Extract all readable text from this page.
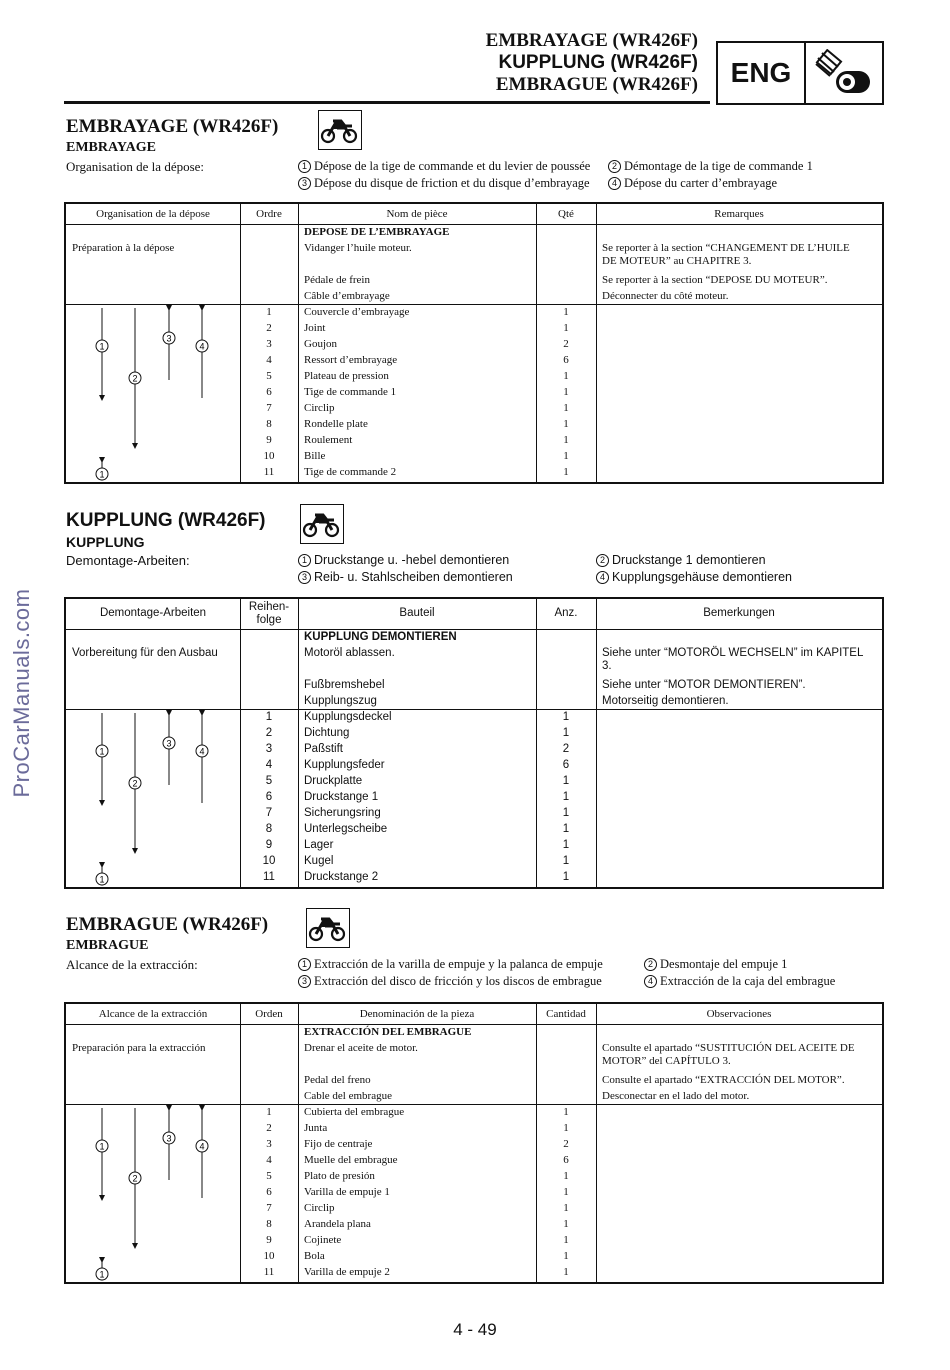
EMBRAYAGE (WR426F)
KUPPLUNG (WR426F)
EMBRAGUE (WR426F)	ENG
ProCarManuals.com
EMBRAYAGE (WR426F)
EMBRAYAGE
Organisation de la dépose:	1 Dépose de la tige de commande et du levier de poussée	2 Démontage de la tige de commande 1
3 Dépose du disque de friction et du disque d’embrayage	4 Dépose du carter d’embrayage
Organisation de la dépose	Ordre	Nom de pièce	Qté	Remarques
DEPOSE DE L’EMBRAYAGE
Préparation à la dépose	Vidanger l’huile moteur.	Se reporter à la section “CHANGEMENT DE L’HUILE
DE MOTEUR” au CHAPITRE 3.
Pédale de frein	Se reporter à la section “DEPOSE DU MOTEUR”.
Câble d’embrayage	Déconnecter du côté moteur.
1	Couvercle d’embrayage	1
2	Joint	1
3	Goujon	2
4	Ressort d’embrayage	6
5	Plateau de pression	1
6	Tige de commande 1	1
7	Circlip	1
8	Rondelle plate	1
9	Roulement	1
10	Bille	1
11	Tige de commande 2	1
1
2
3
4
1
KUPPLUNG (WR426F)
KUPPLUNG
Demontage-Arbeiten:	1 Druckstange u. -hebel demontieren	2 Druckstange 1 demontieren
3 Reib- u. Stahlscheiben demontieren	4 Kupplungsgehäuse demontieren
Demontage-Arbeiten	Reihen-
folge
Bauteil	Anz.	Bemerkungen
KUPPLUNG DEMONTIEREN
Vorbereitung für den Ausbau	Motoröl ablassen.	Siehe unter “MOTORÖL WECHSELN” im KAPITEL
3.
Fußbremshebel	Siehe unter “MOTOR DEMONTIEREN”.
Kupplungszug	Motorseitig demontieren.
1	Kupplungsdeckel	1
2	Dichtung	1
3	Paßstift	2
4	Kupplungsfeder	6
5	Druckplatte	1
6	Druckstange 1	1
7	Sicherungsring	1
8	Unterlegscheibe	1
9	Lager	1
10	Kugel	1
11	Druckstange 2	1
1
2
3
4
1
EMBRAGUE (WR426F)
EMBRAGUE
Alcance de la extracción:	1 Extracción de la varilla de empuje y la palanca de empuje	2 Desmontaje del empuje 1
3 Extracción del disco de fricción y los discos de embrague	4 Extracción de la caja del embrague
Alcance de la extracción	Orden	Denominación de la pieza	Cantidad	Observaciones
EXTRACCIÓN DEL EMBRAGUE
Preparación para la extracción	Drenar el aceite de motor.	Consulte el apartado “SUSTITUCIÓN DEL ACEITE DE
MOTOR” del CAPÍTULO 3.
Pedal del freno	Consulte el apartado “EXTRACCIÓN DEL MOTOR”.
Cable del embrague	Desconectar en el lado del motor.
1	Cubierta del embrague	1
2	Junta	1
3	Fijo de centraje	2
4	Muelle del embrague	6
5	Plato de presión	1
6	Varilla de empuje 1	1
7	Circlip	1
8	Arandela plana	1
9	Cojinete	1
10	Bola	1
11	Varilla de empuje 2	1
1
2
3
4
1
4 - 49
